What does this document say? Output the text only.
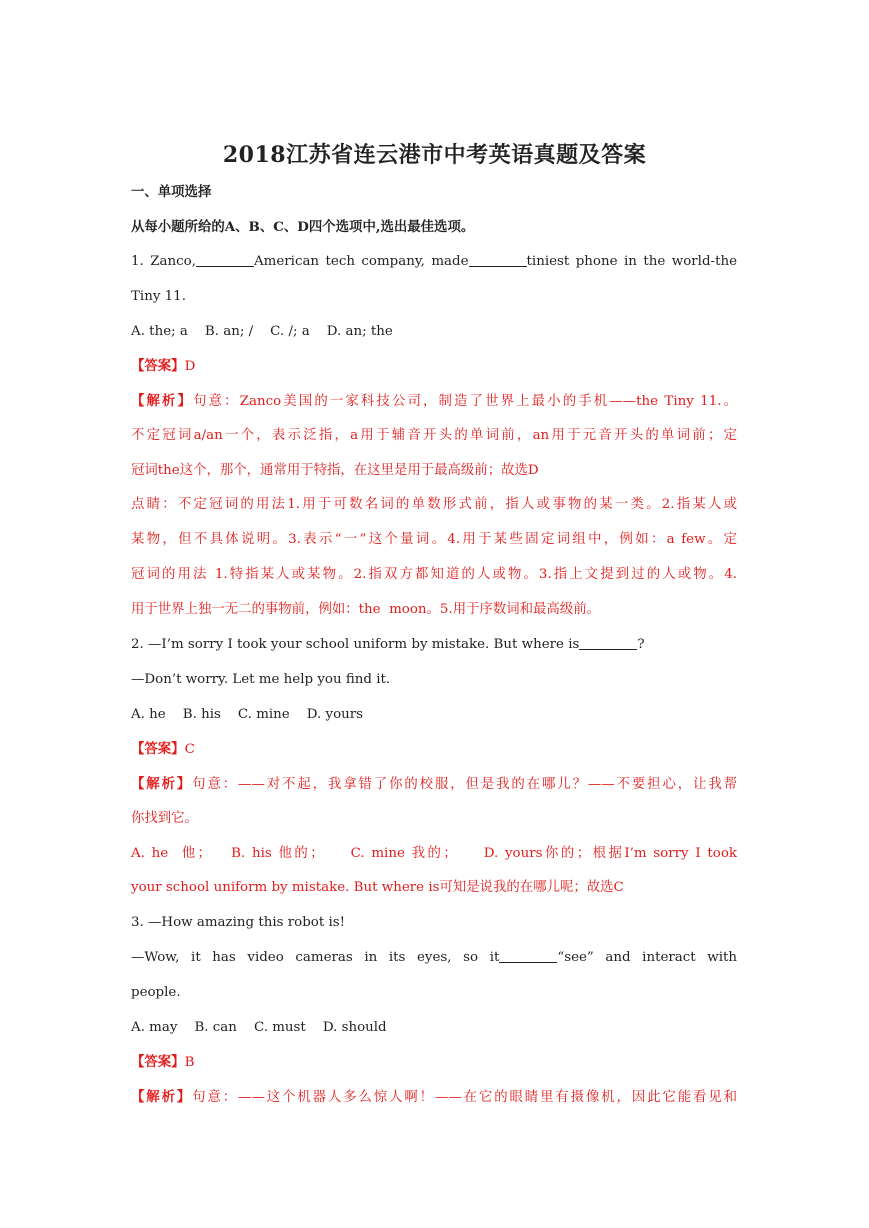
2018江苏省连云港市中考英语真题及答案
一、单项选择
从每小题所给的A、B、C、D四个选项中,选出最佳选项。
1. Zanco,	American tech company, made	tiniest phone in the world-the
Tiny 11.
A. the; a    B. an; /    C. /; a    D. an; the
【答案】D
【解析】句意：Zanco美国的一家科技公司，制造了世界上最小的手机——the Tiny 11.。
不定冠词a/an一个，表示泛指，a用于辅音开头的单词前，an用于元音开头的单词前；定
冠词the这个，那个，通常用于特指，在这里是用于最高级前；故选D
点睛：不定冠词的用法1.用于可数名词的单数形式前，指人或事物的某一类。2.指某人或
某物，但不具体说明。3.表示“一”这个量词。4.用于某些固定词组中，例如：a few。定
冠词的用法 1.特指某人或某物。2.指双方都知道的人或物。3.指上文提到过的人或物。4.
用于世界上独一无二的事物前，例如：the  moon。5.用于序数词和最高级前。
2. —I’m sorry I took your school uniform by mistake. But where is	?
—Don’t worry. Let me help you find it.
A. he    B. his    C. mine    D. yours
【答案】C
【解析】句意：——对不起，我拿错了你的校服，但是我的在哪儿？——不要担心，让我帮
你找到它。
A. he  他；   B. his 他的；    C. mine 我的；    D. yours你的；根据I’m sorry I took
your school uniform by mistake. But where is可知是说我的在哪儿呢；故选C
3. —How amazing this robot is!
—Wow, it has video cameras in its eyes, so it	“see” and interact with
people.
A. may    B. can    C. must    D. should
【答案】B
【解析】句意：——这个机器人多么惊人啊！——在它的眼睛里有摄像机，因此它能看见和
